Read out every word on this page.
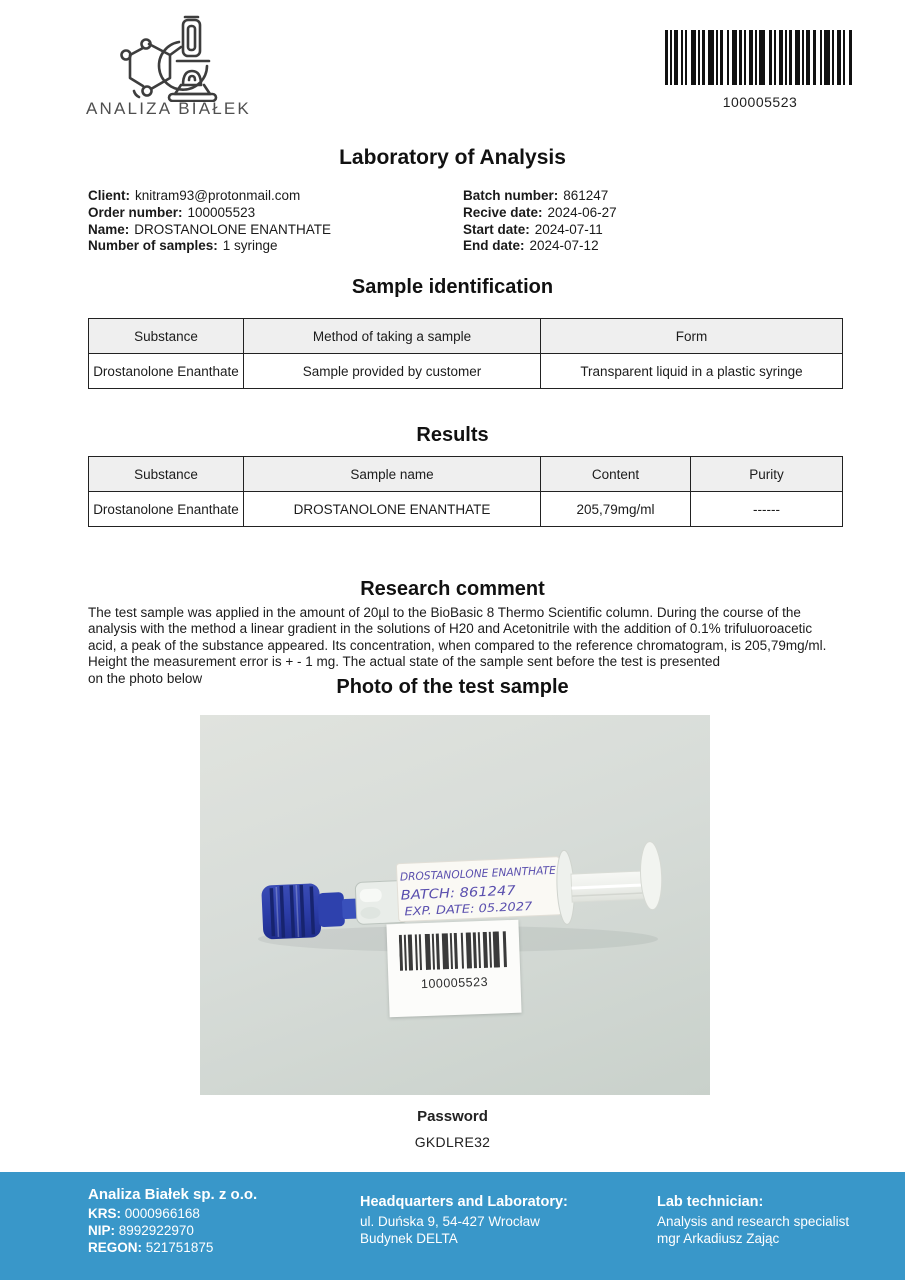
ANALIZA BIAŁEK	100005523
Laboratory of Analysis
Client: knitram93@protonmail.com
Order number: 100005523
Name: DROSTANOLONE ENANTHATE
Number of samples: 1 syringe
Batch number: 861247
Recive date: 2024-06-27
Start date: 2024-07-11
End date: 2024-07-12
Sample identification
Substance	Method of taking a sample	Form
Drostanolone Enanthate	Sample provided by customer	Transparent liquid in a plastic syringe
Results
Substance	Sample name	Content	Purity
Drostanolone Enanthate	DROSTANOLONE ENANTHATE	205,79mg/ml	------
Research comment
The test sample was applied in the amount of 20µl to the BioBasic 8 Thermo Scientific column. During the course of the
analysis with the method a linear gradient in the solutions of H20 and Acetonitrile with the addition of 0.1% trifuluoroacetic
acid, a peak of the substance appeared. Its concentration, when compared to the reference chromatogram, is 205,79mg/ml.
Height the measurement error is + - 1 mg. The actual state of the sample sent before the test is presented
on the photo below	Photo of the test sample
DROSTANOLONE ENANTHATE
BATCH: 861247
EXP. DATE: 05.2027
100005523
Password
GKDLRE32
Analiza Białek sp. z o.o.
KRS: 0000966168
NIP: 8992922970
REGON: 521751875
Headquarters and Laboratory:
ul. Duńska 9, 54-427 Wrocław
Budynek DELTA
Lab technician:
Analysis and research specialist
mgr Arkadiusz Zając
